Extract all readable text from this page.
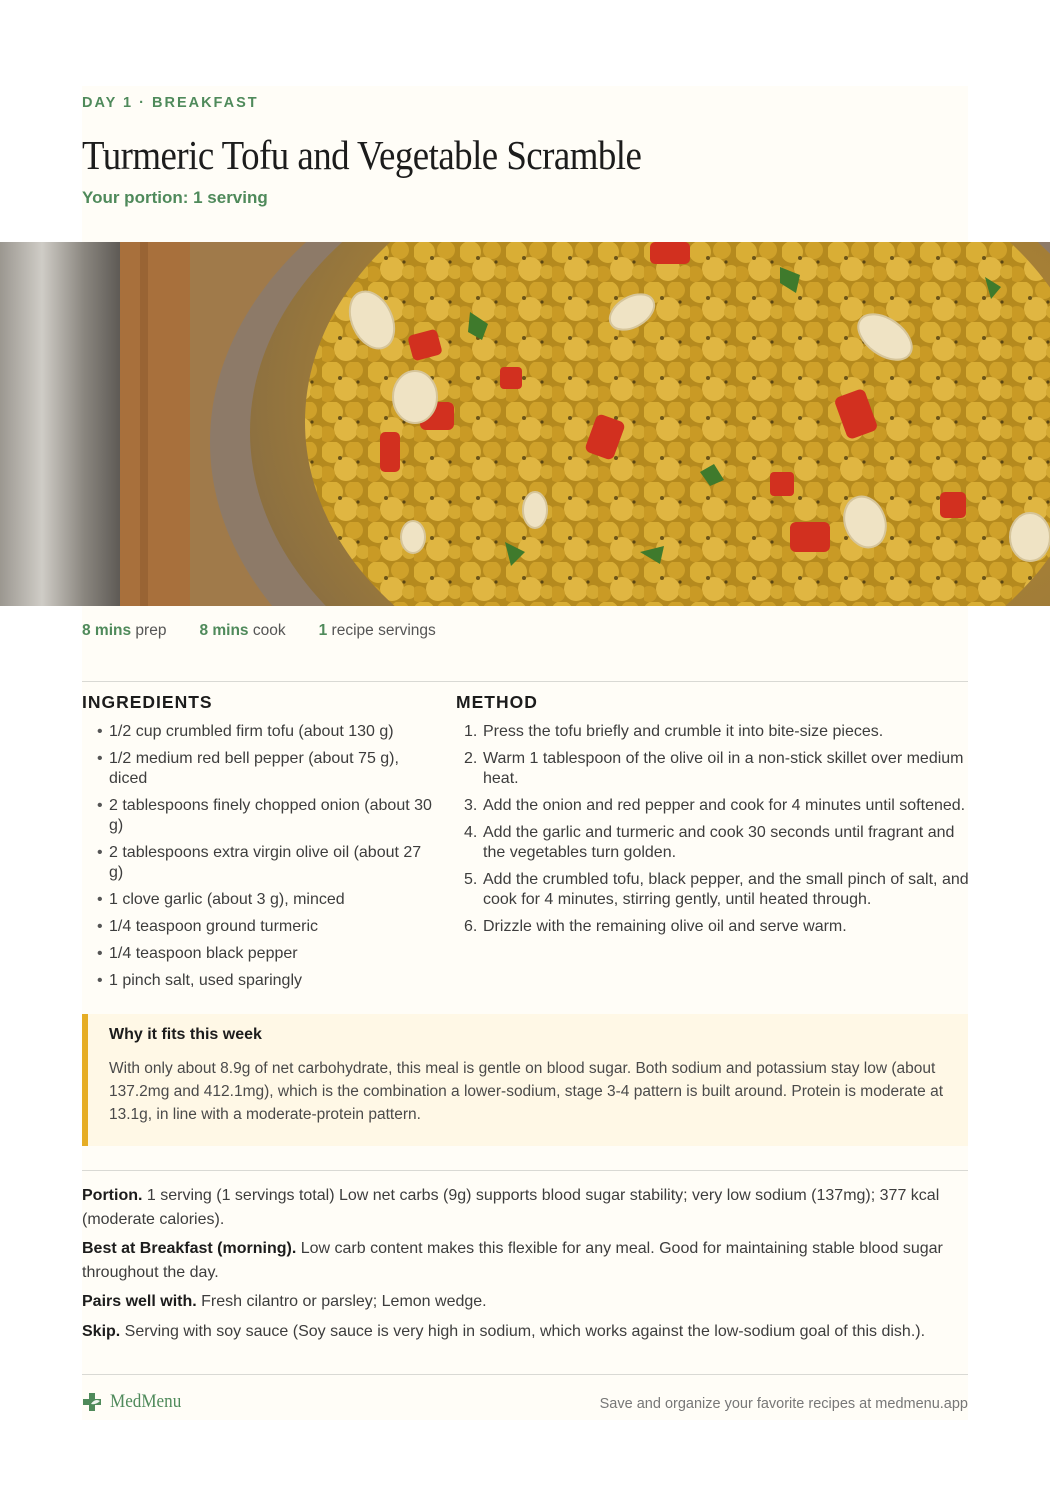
DAY 1 · BREAKFAST
Turmeric Tofu and Vegetable Scramble
Your portion: 1 serving
8 mins prep 8 mins cook 1 recipe servings
INGREDIENTS
• 1/2 cup crumbled firm tofu (about 130 g)
• 1/2 medium red bell pepper (about 75 g), diced
• 2 tablespoons finely chopped onion (about 30 g)
• 2 tablespoons extra virgin olive oil (about 27 g)
• 1 clove garlic (about 3 g), minced
• 1/4 teaspoon ground turmeric
• 1/4 teaspoon black pepper
• 1 pinch salt, used sparingly
METHOD
1. Press the tofu briefly and crumble it into bite-size pieces.
2. Warm 1 tablespoon of the olive oil in a non-stick skillet over medium heat.
3. Add the onion and red pepper and cook for 4 minutes until softened.
4. Add the garlic and turmeric and cook 30 seconds until fragrant and the vegetables turn golden.
5. Add the crumbled tofu, black pepper, and the small pinch of salt, and cook for 4 minutes, stirring gently, until heated through.
6. Drizzle with the remaining olive oil and serve warm.
Why it fits this week
With only about 8.9g of net carbohydrate, this meal is gentle on blood sugar. Both sodium and potassium stay low (about 137.2mg and 412.1mg), which is the combination a lower-sodium, stage 3-4 pattern is built around. Protein is moderate at 13.1g, in line with a moderate-protein pattern.

Portion. 1 serving (1 servings total) Low net carbs (9g) supports blood sugar stability; very low sodium (137mg); 377 kcal (moderate calories).

Best at Breakfast (morning). Low carb content makes this flexible for any meal. Good for maintaining stable blood sugar throughout the day.

Pairs well with. Fresh cilantro or parsley; Lemon wedge.

Skip. Serving with soy sauce (Soy sauce is very high in sodium, which works against the low-sodium goal of this dish.).

MedMenu	Save and organize your favorite recipes at medmenu.app
